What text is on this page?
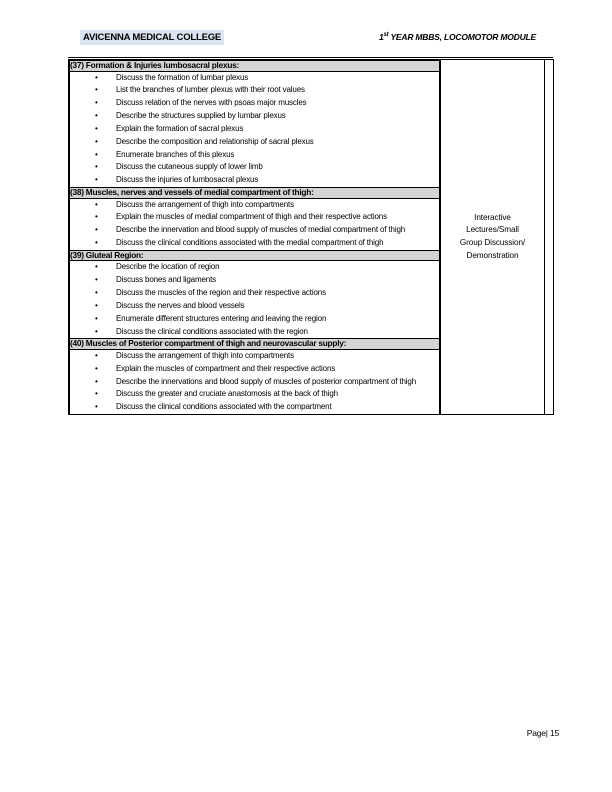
AVICENNA MEDICAL COLLEGE	1st YEAR MBBS, LOCOMOTOR MODULE
(37) Formation & Injuries lumbosacral plexus:

• Discuss the formation of lumbar plexus
• List the branches of lumber plexus with their root values
• Discuss relation of the nerves with psoas major muscles
• Describe the structures supplied by lumbar plexus
• Explain the formation of sacral plexus
• Describe the composition and relationship of sacral plexus
• Enumerate branches of this plexus
• Discuss the cutaneous supply of lower limb
• Discuss the injuries of lumbosacral plexus

(38) Muscles, nerves and vessels of medial compartment of thigh:

• Discuss the arrangement of thigh into compartments
• Explain the muscles of medial compartment of thigh and their respective actions
• Describe the innervation and blood supply of muscles of medial compartment of thigh
• Discuss the clinical conditions associated with the medial compartment of thigh

(39) Gluteal Region:

• Describe the location of region
• Discuss bones and ligaments
• Discuss the muscles of the region and their respective actions
• Discuss the nerves and blood vessels
• Enumerate different structures entering and leaving the region
• Discuss the clinical conditions associated with the region

(40) Muscles of Posterior compartment of thigh and neurovascular supply:

• Discuss the arrangement of thigh into compartments
• Explain the muscles of compartment and their respective actions
• Describe the innervations and blood supply of muscles of posterior compartment of thigh
• Discuss the greater and cruciate anastomosis at the back of thigh
• Discuss the clinical conditions associated with the compartment

Interactive
Lectures/Small
Group Discussion/
Demonstration

Page| 15
